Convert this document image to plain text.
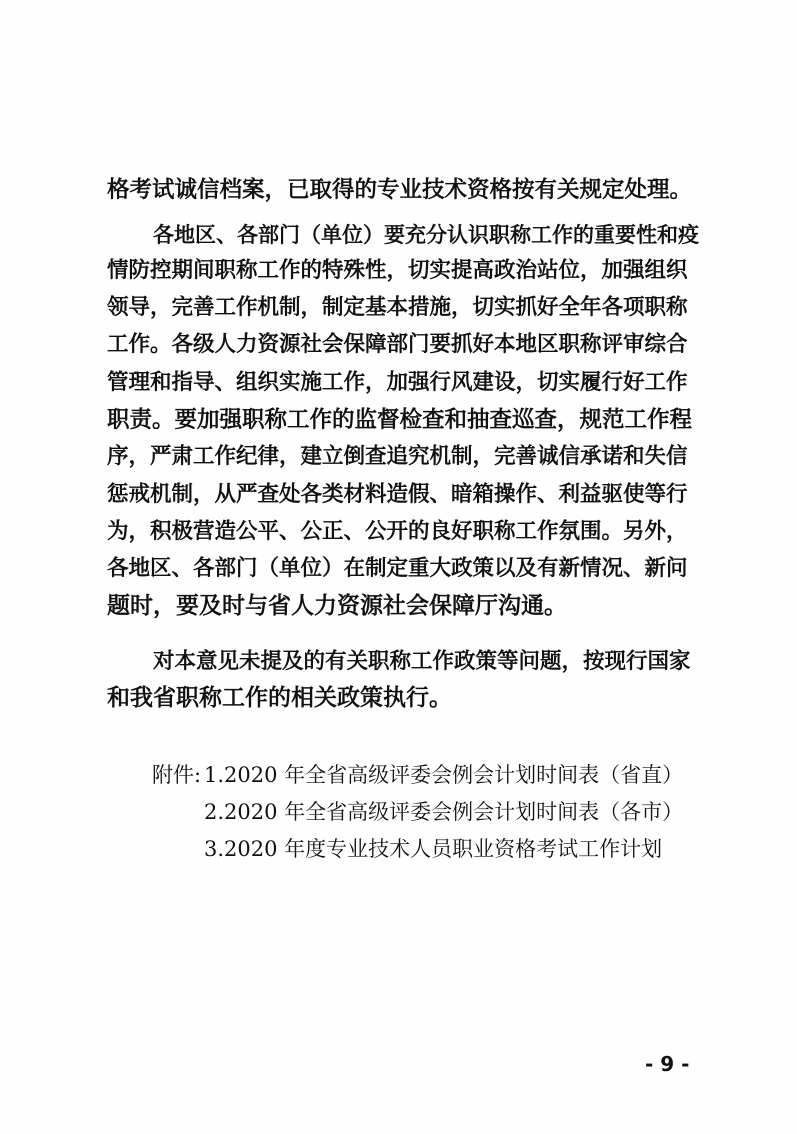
格考试诚信档案，已取得的专业技术资格按有关规定处理。
各地区、各部门（单位）要充分认识职称工作的重要性和疫
情防控期间职称工作的特殊性，切实提高政治站位，加强组织
领导，完善工作机制，制定基本措施，切实抓好全年各项职称
工作。各级人力资源社会保障部门要抓好本地区职称评审综合
管理和指导、组织实施工作，加强行风建设，切实履行好工作
职责。要加强职称工作的监督检查和抽查巡查，规范工作程
序，严肃工作纪律，建立倒查追究机制，完善诚信承诺和失信
惩戒机制，从严查处各类材料造假、暗箱操作、利益驱使等行
为，积极营造公平、公正、公开的良好职称工作氛围。另外，
各地区、各部门（单位）在制定重大政策以及有新情况、新问
题时，要及时与省人力资源社会保障厅沟通。
对本意见未提及的有关职称工作政策等问题，按现行国家
和我省职称工作的相关政策执行。
附件: 1.2020 年全省高级评委会例会计划时间表（省直）
2.2020 年全省高级评委会例会计划时间表（各市）
3.2020 年度专业技术人员职业资格考试工作计划
- 9 -
